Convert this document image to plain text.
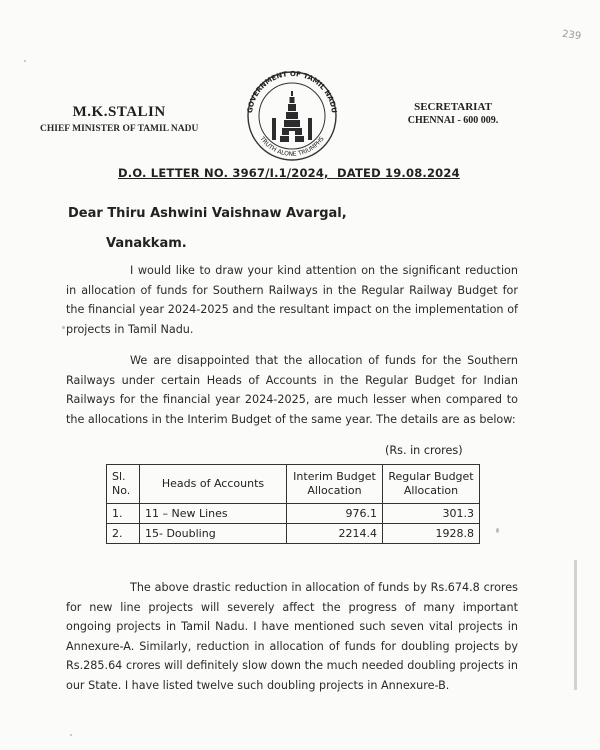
239
M.K.STALIN
CHIEF MINISTER OF TAMIL NADU
GOVERNMENT OF TAMIL NADU
TRUTH ALONE TRIUMPHS
SECRETARIAT
CHENNAI - 600 009.
D.O. LETTER NO. 3967/I.1/2024,  DATED 19.08.2024
Dear Thiru Ashwini Vaishnaw Avargal,
Vanakkam.
I would like to draw your kind attention on the significant reduction in allocation of funds for Southern Railways in the Regular Railway Budget for the financial year 2024-2025 and the resultant impact on the implementation of projects in Tamil Nadu.
We are disappointed that the allocation of funds for the Southern Railways under certain Heads of Accounts in the Regular Budget for Indian Railways for the financial year 2024-2025, are much lesser when compared to the allocations in the Interim Budget of the same year. The details are as below:
(Rs. in crores)
Sl. No.	Heads of Accounts	Interim Budget Allocation	Regular Budget Allocation
1.	11 – New Lines	976.1	301.3
2.	15- Doubling	2214.4	1928.8
The above drastic reduction in allocation of funds by Rs.674.8 crores for new line projects will severely affect the progress of many important ongoing projects in Tamil Nadu. I have mentioned such seven vital projects in Annexure-A. Similarly, reduction in allocation of funds for doubling projects by Rs.285.64 crores will definitely slow down the much needed doubling projects in our State. I have listed twelve such doubling projects in Annexure-B.
